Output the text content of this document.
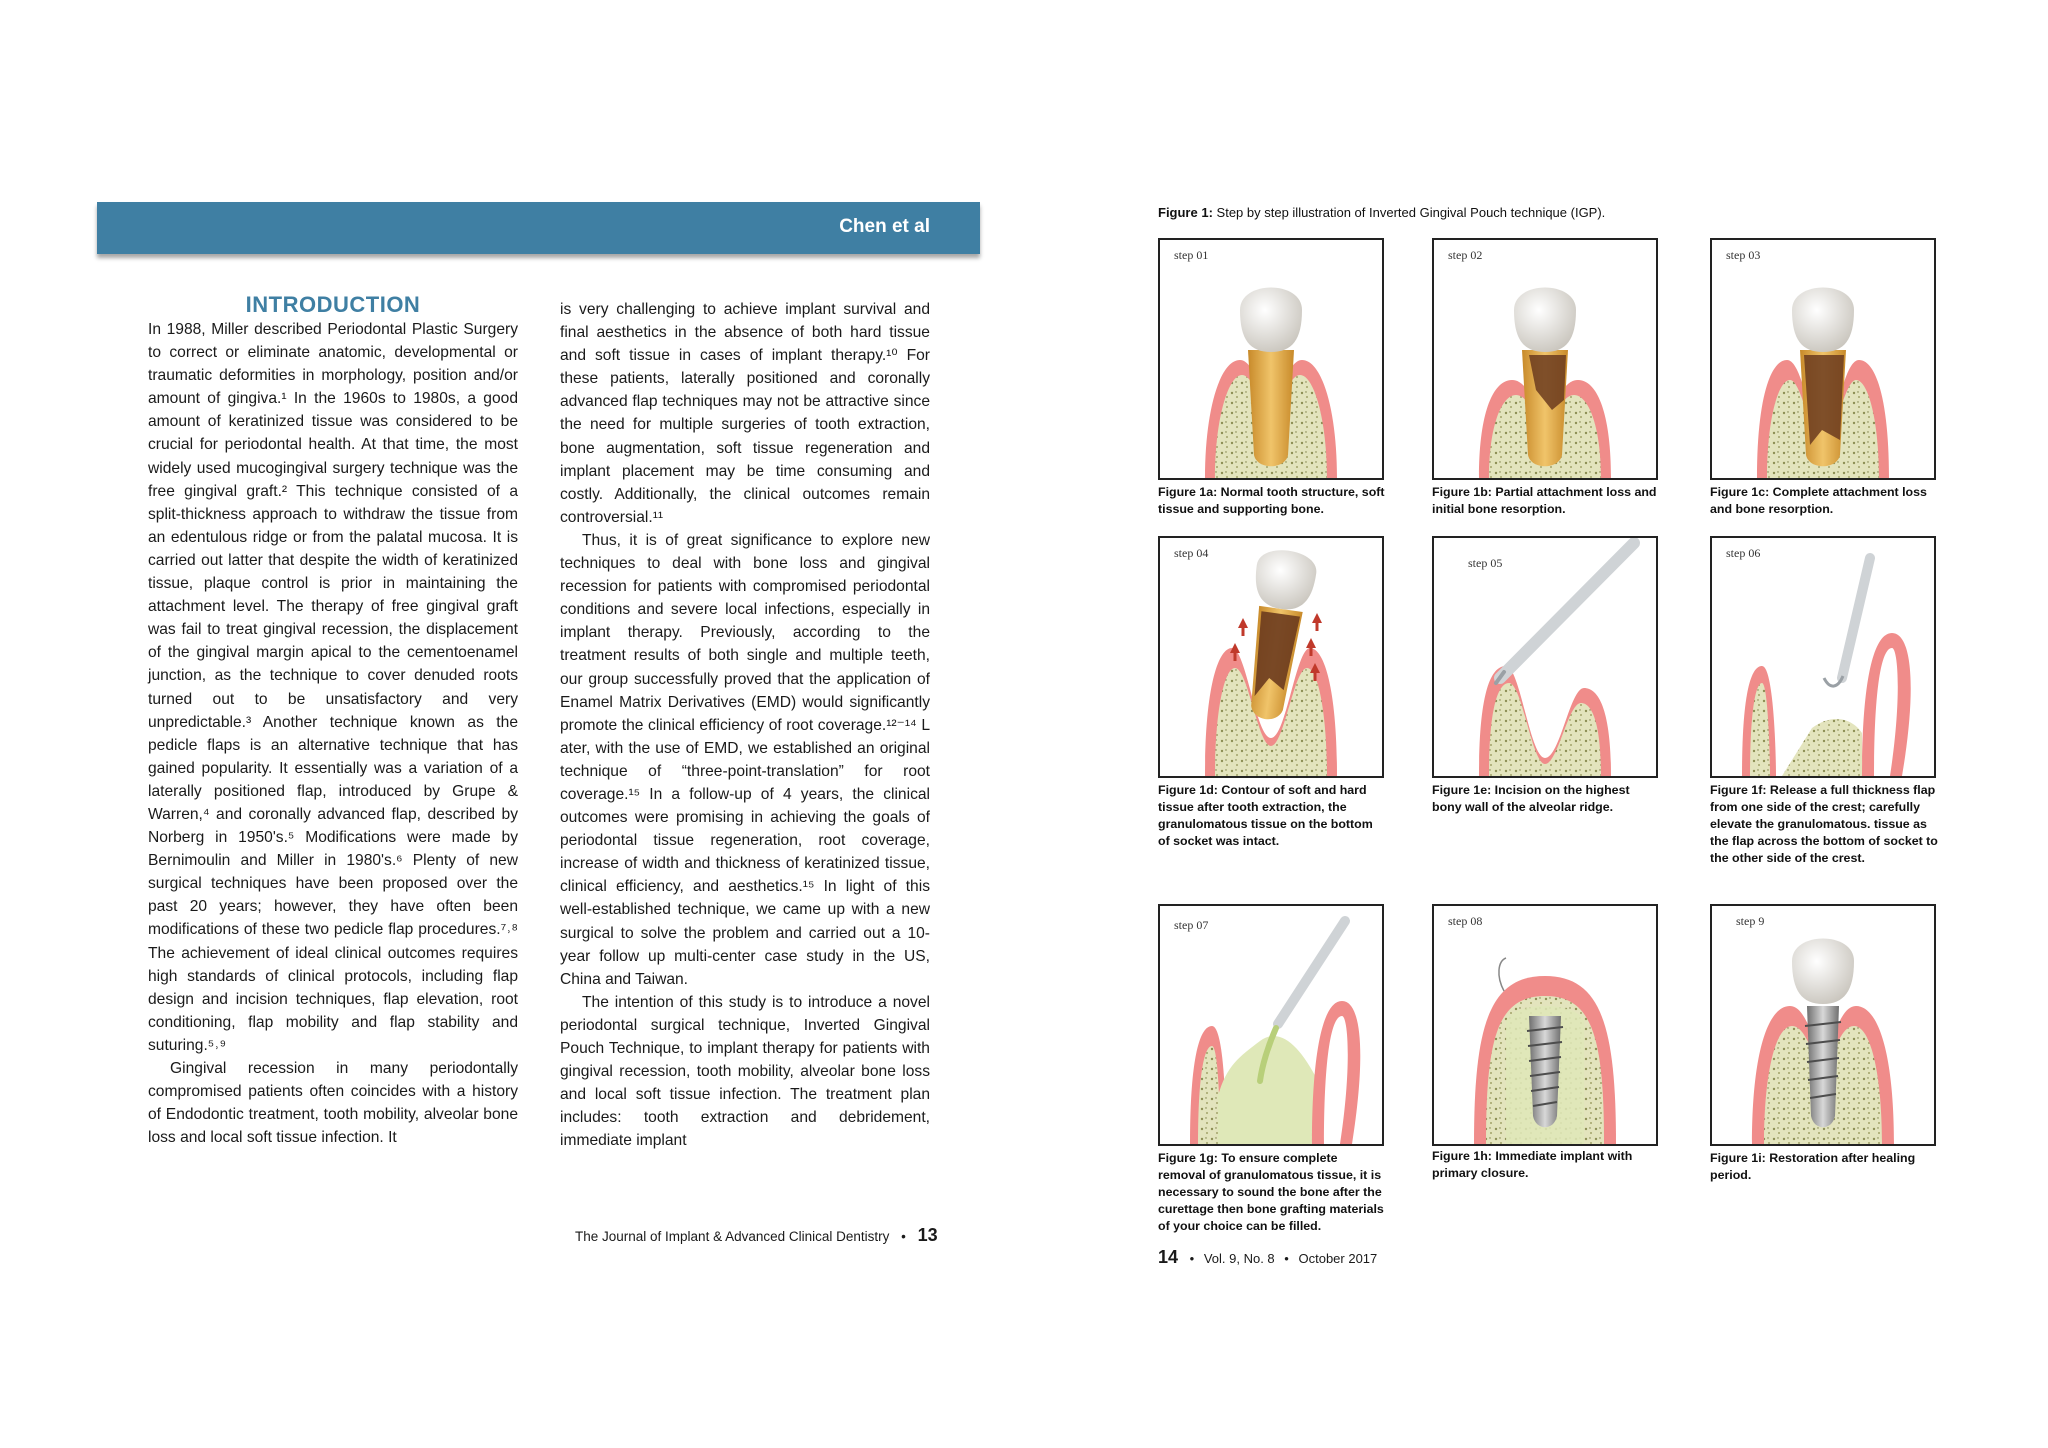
Chen et al
INTRODUCTION

In 1988, Miller described Periodontal Plastic Surgery to correct or eliminate anatomic, developmental or traumatic deformities in morphology, position and/or amount of gingiva.¹ In the 1960s to 1980s, a good amount of keratinized tissue was considered to be crucial for periodontal health. At that time, the most widely used mucogingival surgery technique was the free gingival graft.² This technique consisted of a split-thickness approach to withdraw the tissue from an edentulous ridge or from the palatal mucosa. It is carried out latter that despite the width of keratinized tissue, plaque control is prior in maintaining the attachment level. The therapy of free gingival graft was fail to treat gingival recession, the displacement of the gingival margin apical to the cementoenamel junction, as the technique to cover denuded roots turned out to be unsatisfactory and very unpredictable.³ Another technique known as the pedicle flaps is an alternative technique that has gained popularity. It essentially was a variation of a laterally positioned flap, introduced by Grupe & Warren,⁴ and coronally advanced flap, described by Norberg in 1950's.⁵ Modifications were made by Bernimoulin and Miller in 1980's.⁶ Plenty of new surgical techniques have been proposed over the past 20 years; however, they have often been modifications of these two pedicle flap procedures.⁷˒⁸ The achievement of ideal clinical outcomes requires high standards of clinical protocols, including flap design and incision techniques, flap elevation, root conditioning, flap mobility and flap stability and suturing.⁵˒⁹

Gingival recession in many periodontally compromised patients often coincides with a history of Endodontic treatment, tooth mobility, alveolar bone loss and local soft tissue infection. It

is very challenging to achieve implant survival and final aesthetics in the absence of both hard tissue and soft tissue in cases of implant therapy.¹⁰ For these patients, laterally positioned and coronally advanced flap techniques may not be attractive since the need for multiple surgeries of tooth extraction, bone augmentation, soft tissue regeneration and implant placement may be time consuming and costly. Additionally, the clinical outcomes remain controversial.¹¹

Thus, it is of great significance to explore new techniques to deal with bone loss and gingival recession for patients with compromised periodontal conditions and severe local infections, especially in implant therapy. Previously, according to the treatment results of both single and multiple teeth, our group successfully proved that the application of Enamel Matrix Derivatives (EMD) would significantly promote the clinical efficiency of root coverage.¹²⁻¹⁴ L ater, with the use of EMD, we established an original technique of “three-point-translation” for root coverage.¹⁵ In a follow-up of 4 years, the clinical outcomes were promising in achieving the goals of periodontal tissue regeneration, root coverage, increase of width and thickness of keratinized tissue, clinical efficiency, and aesthetics.¹⁵ In light of this well-established technique, we came up with a new surgical to solve the problem and carried out a 10-year follow up multi-center case study in the US, China and Taiwan.

The intention of this study is to introduce a novel periodontal surgical technique, Inverted Gingival Pouch Technique, to implant therapy for patients with gingival recession, tooth mobility, alveolar bone loss and local soft tissue infection. The treatment plan includes: tooth extraction and debridement, immediate implant

The Journal of Implant & Advanced Clinical Dentistry • 13
Figure 1: Step by step illustration of Inverted Gingival Pouch technique (IGP).
step 01
Figure 1a: Normal tooth structure, soft tissue and supporting bone.
step 02
Figure 1b: Partial attachment loss and initial bone resorption.
step 03
Figure 1c: Complete attachment loss and bone resorption.
step 04
Figure 1d: Contour of soft and hard tissue after tooth extraction, the granulomatous tissue on the bottom of socket was intact.
step 05
Figure 1e: Incision on the highest bony wall of the alveolar ridge.
step 06
Figure 1f: Release a full thickness flap from one side of the crest; carefully elevate the granulomatous. tissue as the flap across the bottom of socket to the other side of the crest.
step 07
Figure 1g: To ensure complete removal of granulomatous tissue, it is necessary to sound the bone after the curettage then bone grafting materials of your choice can be filled.
step 08
Figure 1h: Immediate implant with primary closure.
step 9
Figure 1i: Restoration after healing period.
14 • Vol. 9, No. 8 • October 2017
